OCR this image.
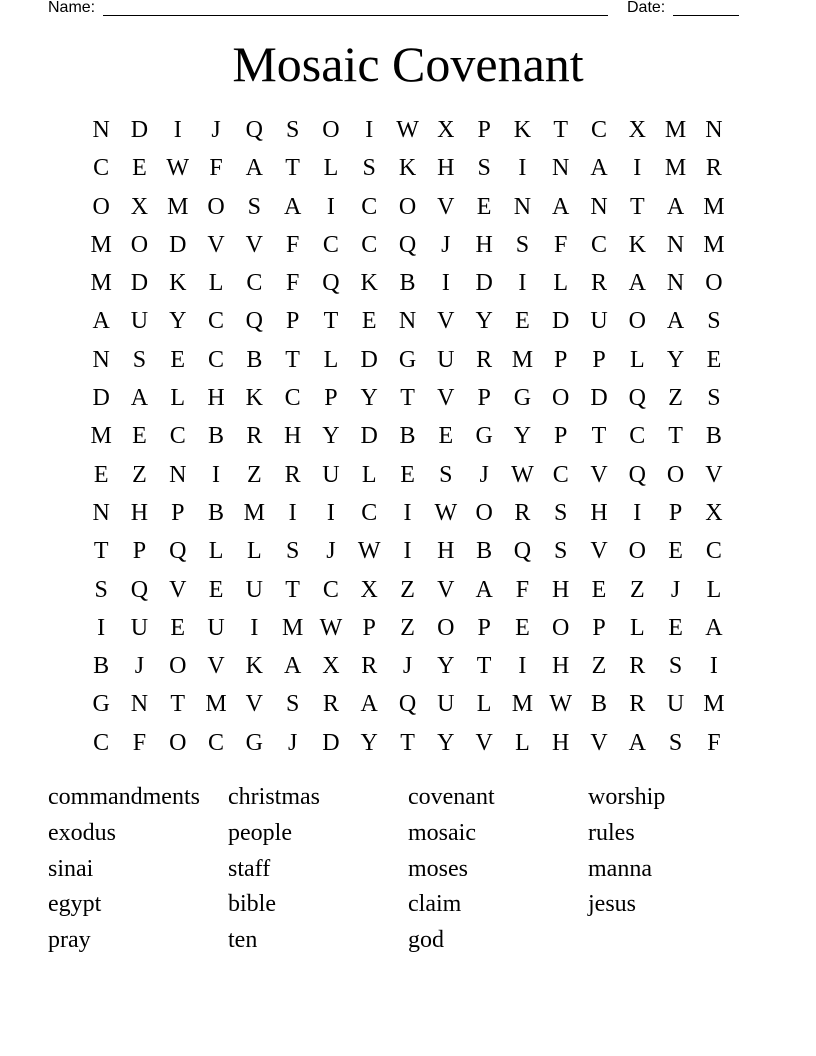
Name:	Date:
Mosaic Covenant
N D	I	J	Q S O	I W X P K T C X M N
C E W F A T L	S K H S	I	N A	I M R
O X M O S A	I	C O V E N A N T A M
M O D V V F C C Q	J	H S	F C K N M
M D K L C F Q K B	I	D	I	L R A N O
A U Y C Q P	T E N V Y E D U O A S
N S	E C B T L D G U R M P	P	L Y E
D A L H K C P Y T V P G O D Q Z	S
M E C B R H Y D B E G Y P	T C T B
E Z N	I	Z R U L E	S	J W C V Q O V
N H P B M I	I	C	I W O R S H	I	P X
T	P Q L L	S	J W I	H B Q S V O E C
S Q V E U T C X Z V A F H E Z	J	L
I	U E U	I M W P	Z O P	E O P	L E A
B	J	O V K A X R	J	Y T	I	H Z R S	I
G N T M V S R A Q U L M W B R U M
C F O C G	J	D Y T Y V L H V A S	F
commandments	christmas	covenant	worship
exodus	people	mosaic	rules
sinai	staff	moses	manna
egypt	bible	claim	jesus
pray	ten	god
